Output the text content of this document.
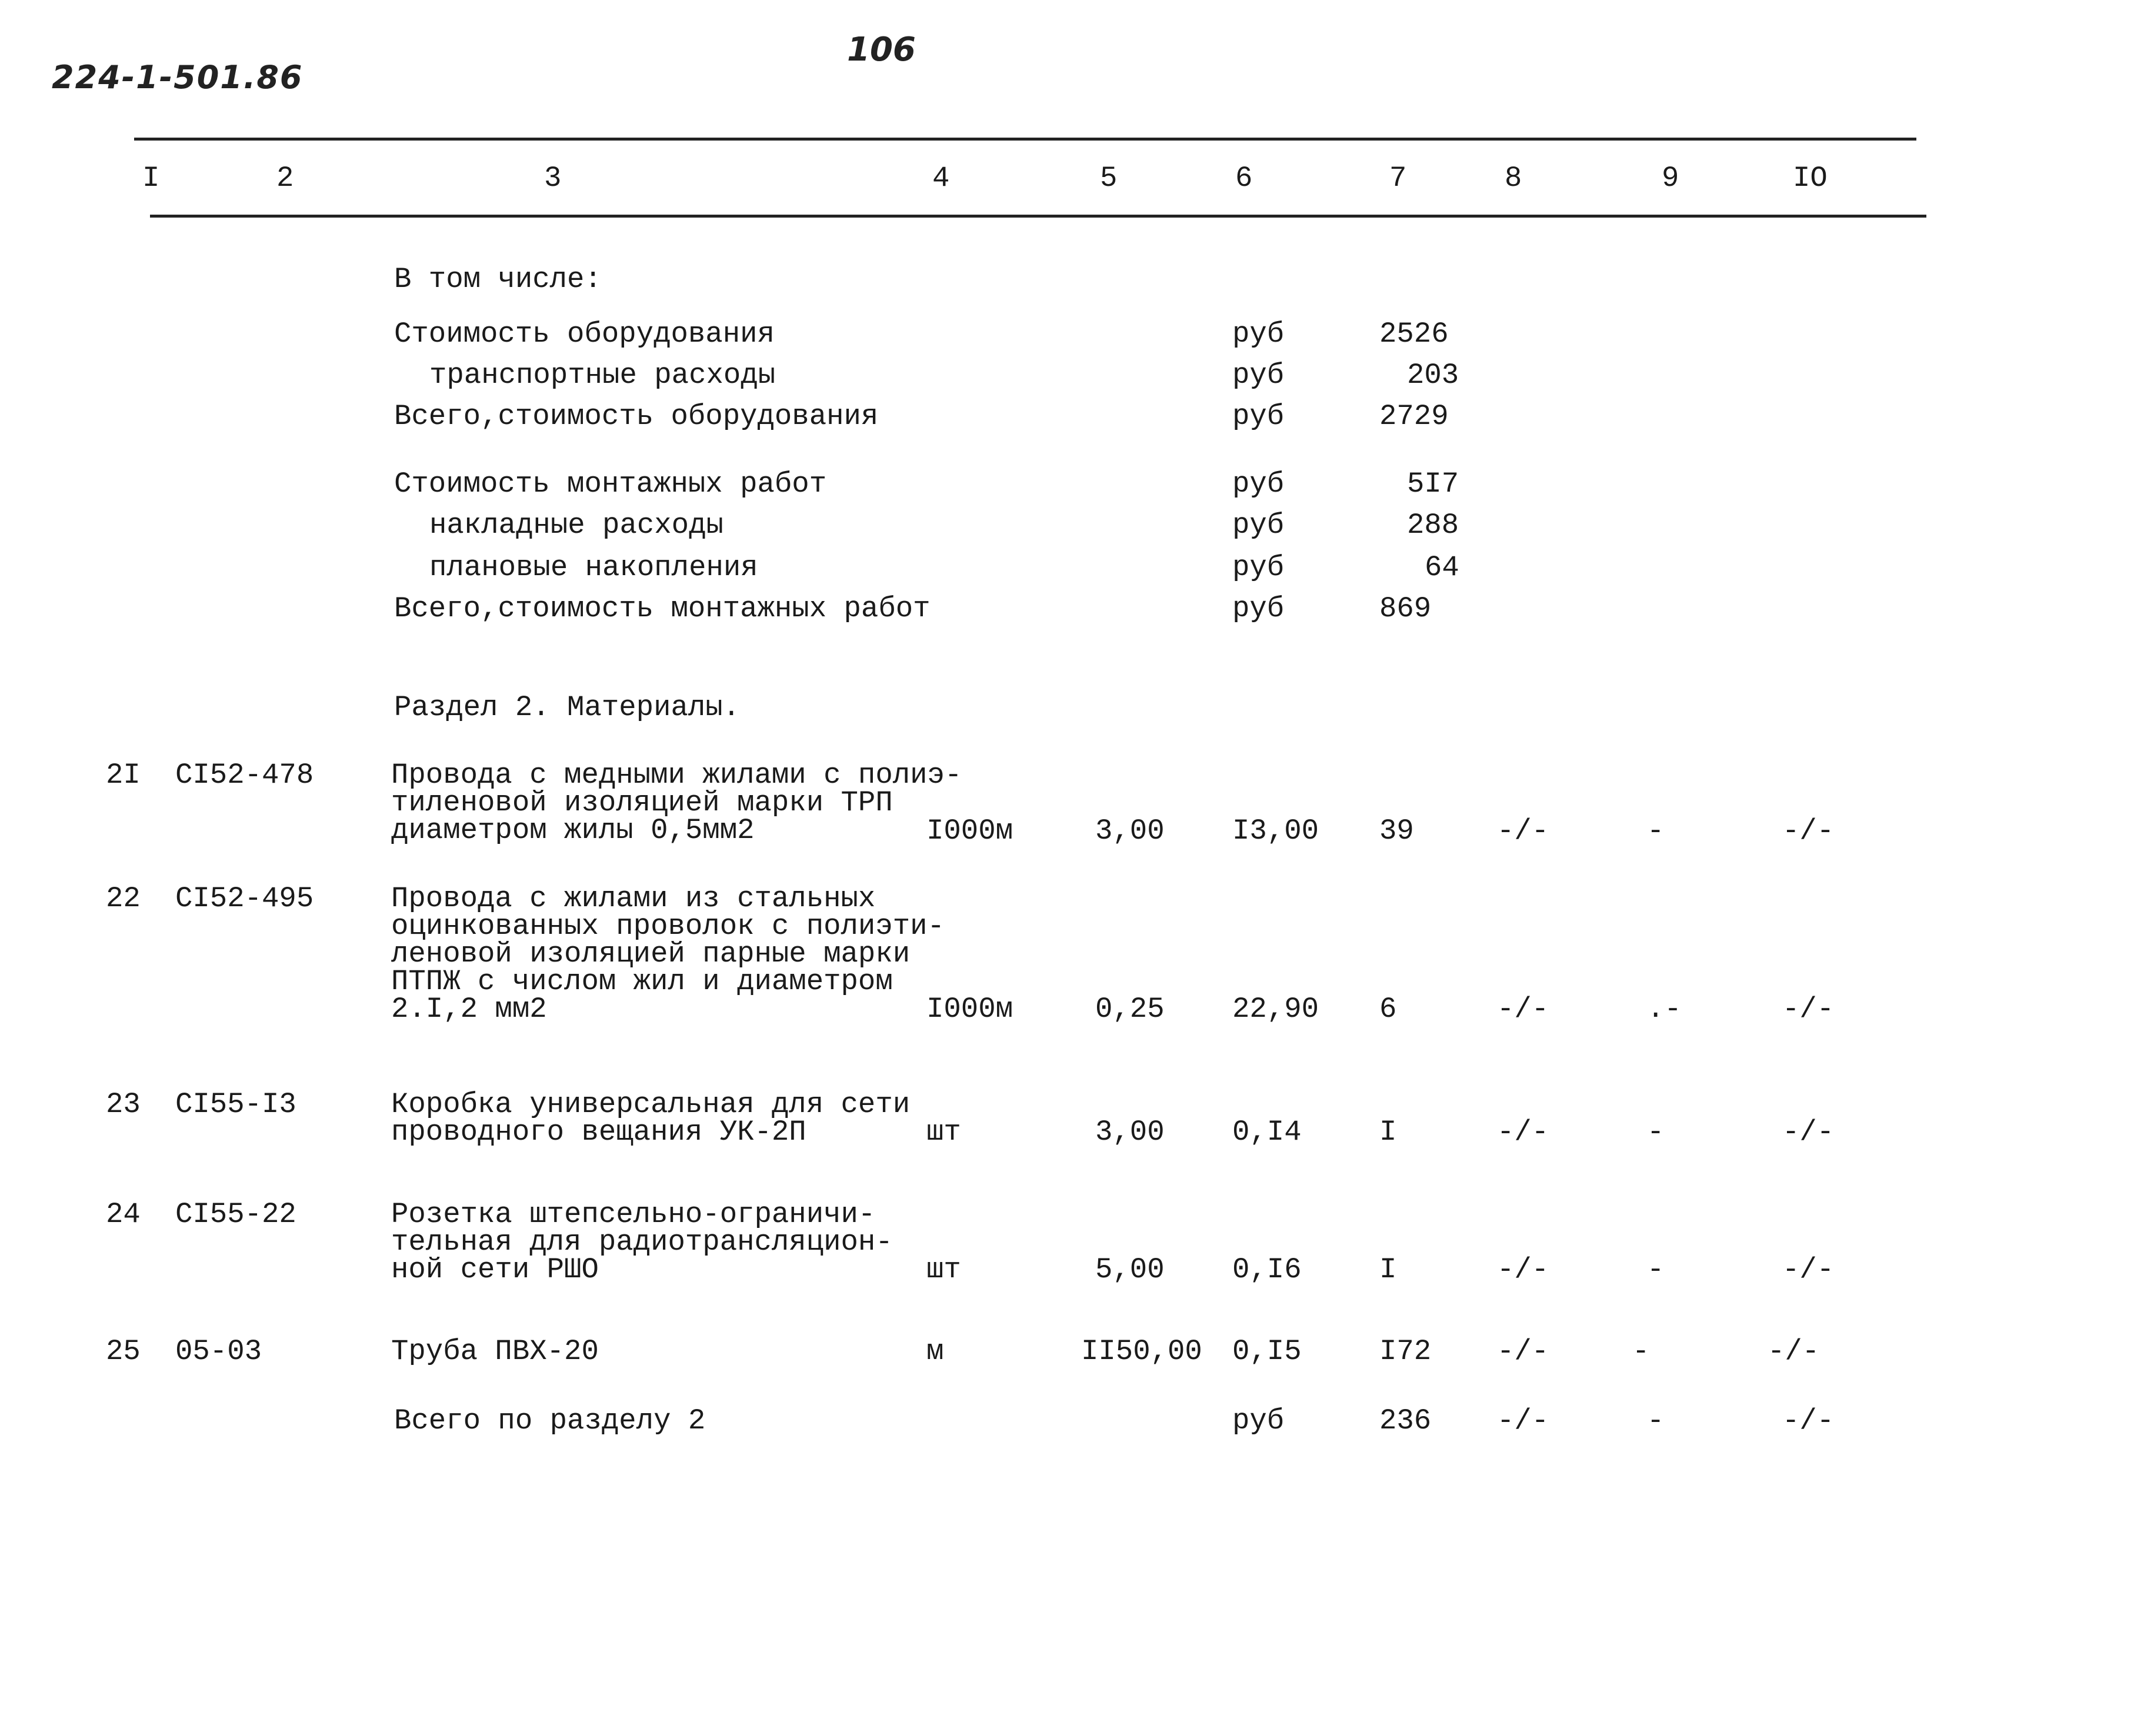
224-1-501.86
106
I	2	3	4	5	6	7	8	9	IO
В том числе:
Стоимость оборудования	руб	2526
транспортные расходы	руб	203
Всего,стоимость оборудования	руб	2729
Стоимость монтажных работ	руб	5I7
накладные расходы	руб	288
плановые накопления	руб	64
Всего,стоимость монтажных работ	руб	869
Раздел 2. Материалы.
2I CI52-478	Провода с медными жилами с полиэ-
тиленовой изоляцией марки ТРП
диаметром жилы 0,5мм2	I000м	3,00 I3,00 39	-/-	-	-/-
22 CI52-495	Провода с жилами из стальных
оцинкованных проволок с полиэти-
леновой изоляцией парные марки
ПТПЖ с числом жил и диаметром
2.I,2 мм2	I000м	0,25 22,90 6	-/-	.-	-/-
23 CI55-I3	Коробка универсальная для сети
проводного вещания УК-2П	шт	3,00 0,I4	I	-/-	-	-/-
24 CI55-22	Розетка штепсельно-ограничи-
тельная для радиотрансляцион-
ной сети РШО	шт	5,00 0,I6	I	-/-	-	-/-
25 05-03	Труба ПВХ-20	м	II50,00 0,I5	I72 -/-	-	-/-
Всего по разделу 2	руб	236 -/-	-	-/-
